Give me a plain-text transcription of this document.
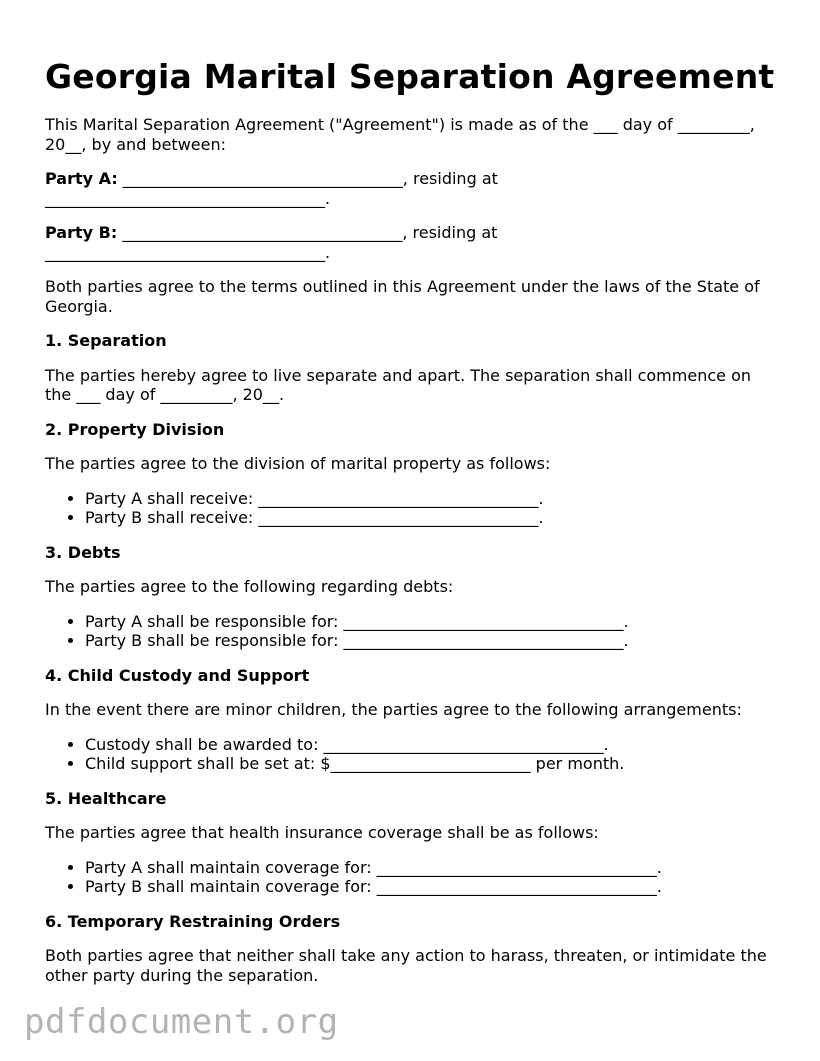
Georgia Marital Separation Agreement

This Marital Separation Agreement ("Agreement") is made as of the ___ day of _________, 20__, by and between:

Party A: ___________________________________, residing at ___________________________________.

Party B: ___________________________________, residing at ___________________________________.

Both parties agree to the terms outlined in this Agreement under the laws of the State of Georgia.

1. Separation

The parties hereby agree to live separate and apart. The separation shall commence on the ___ day of _________, 20__.

2. Property Division

The parties agree to the division of marital property as follows:

• Party A shall receive: ___________________________________.
• Party B shall receive: ___________________________________.
3. Debts

The parties agree to the following regarding debts:

• Party A shall be responsible for: ___________________________________.
• Party B shall be responsible for: ___________________________________.
4. Child Custody and Support

In the event there are minor children, the parties agree to the following arrangements:

• Custody shall be awarded to: ___________________________________.
• Child support shall be set at: $_________________________ per month.
5. Healthcare

The parties agree that health insurance coverage shall be as follows:

• Party A shall maintain coverage for: ___________________________________.
• Party B shall maintain coverage for: ___________________________________.
6. Temporary Restraining Orders

Both parties agree that neither shall take any action to harass, threaten, or intimidate the other party during the separation.

pdfdocument.org
